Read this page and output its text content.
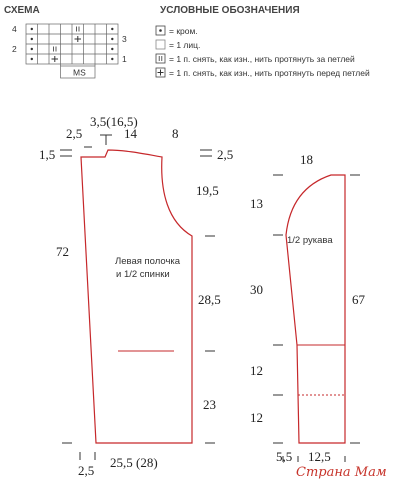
СХЕМА
MS
4
3
2
1
УСЛОВНЫЕ ОБОЗНАЧЕНИЯ
= кром.
= 1 лиц.
= 1 п. снять, как изн., нить протянуть за петлей
= 1 п. снять, как изн., нить протянуть перед петлей
Левая полочка
и 1/2 спинки
3,5(16,5)
2,5	14	8
1,5	2,5
19,5
72
28,5
23
25,5 (28)
2,5
1/2 рукава
18
13
30
67
12
12
5,5 12,5
Страна Мам
